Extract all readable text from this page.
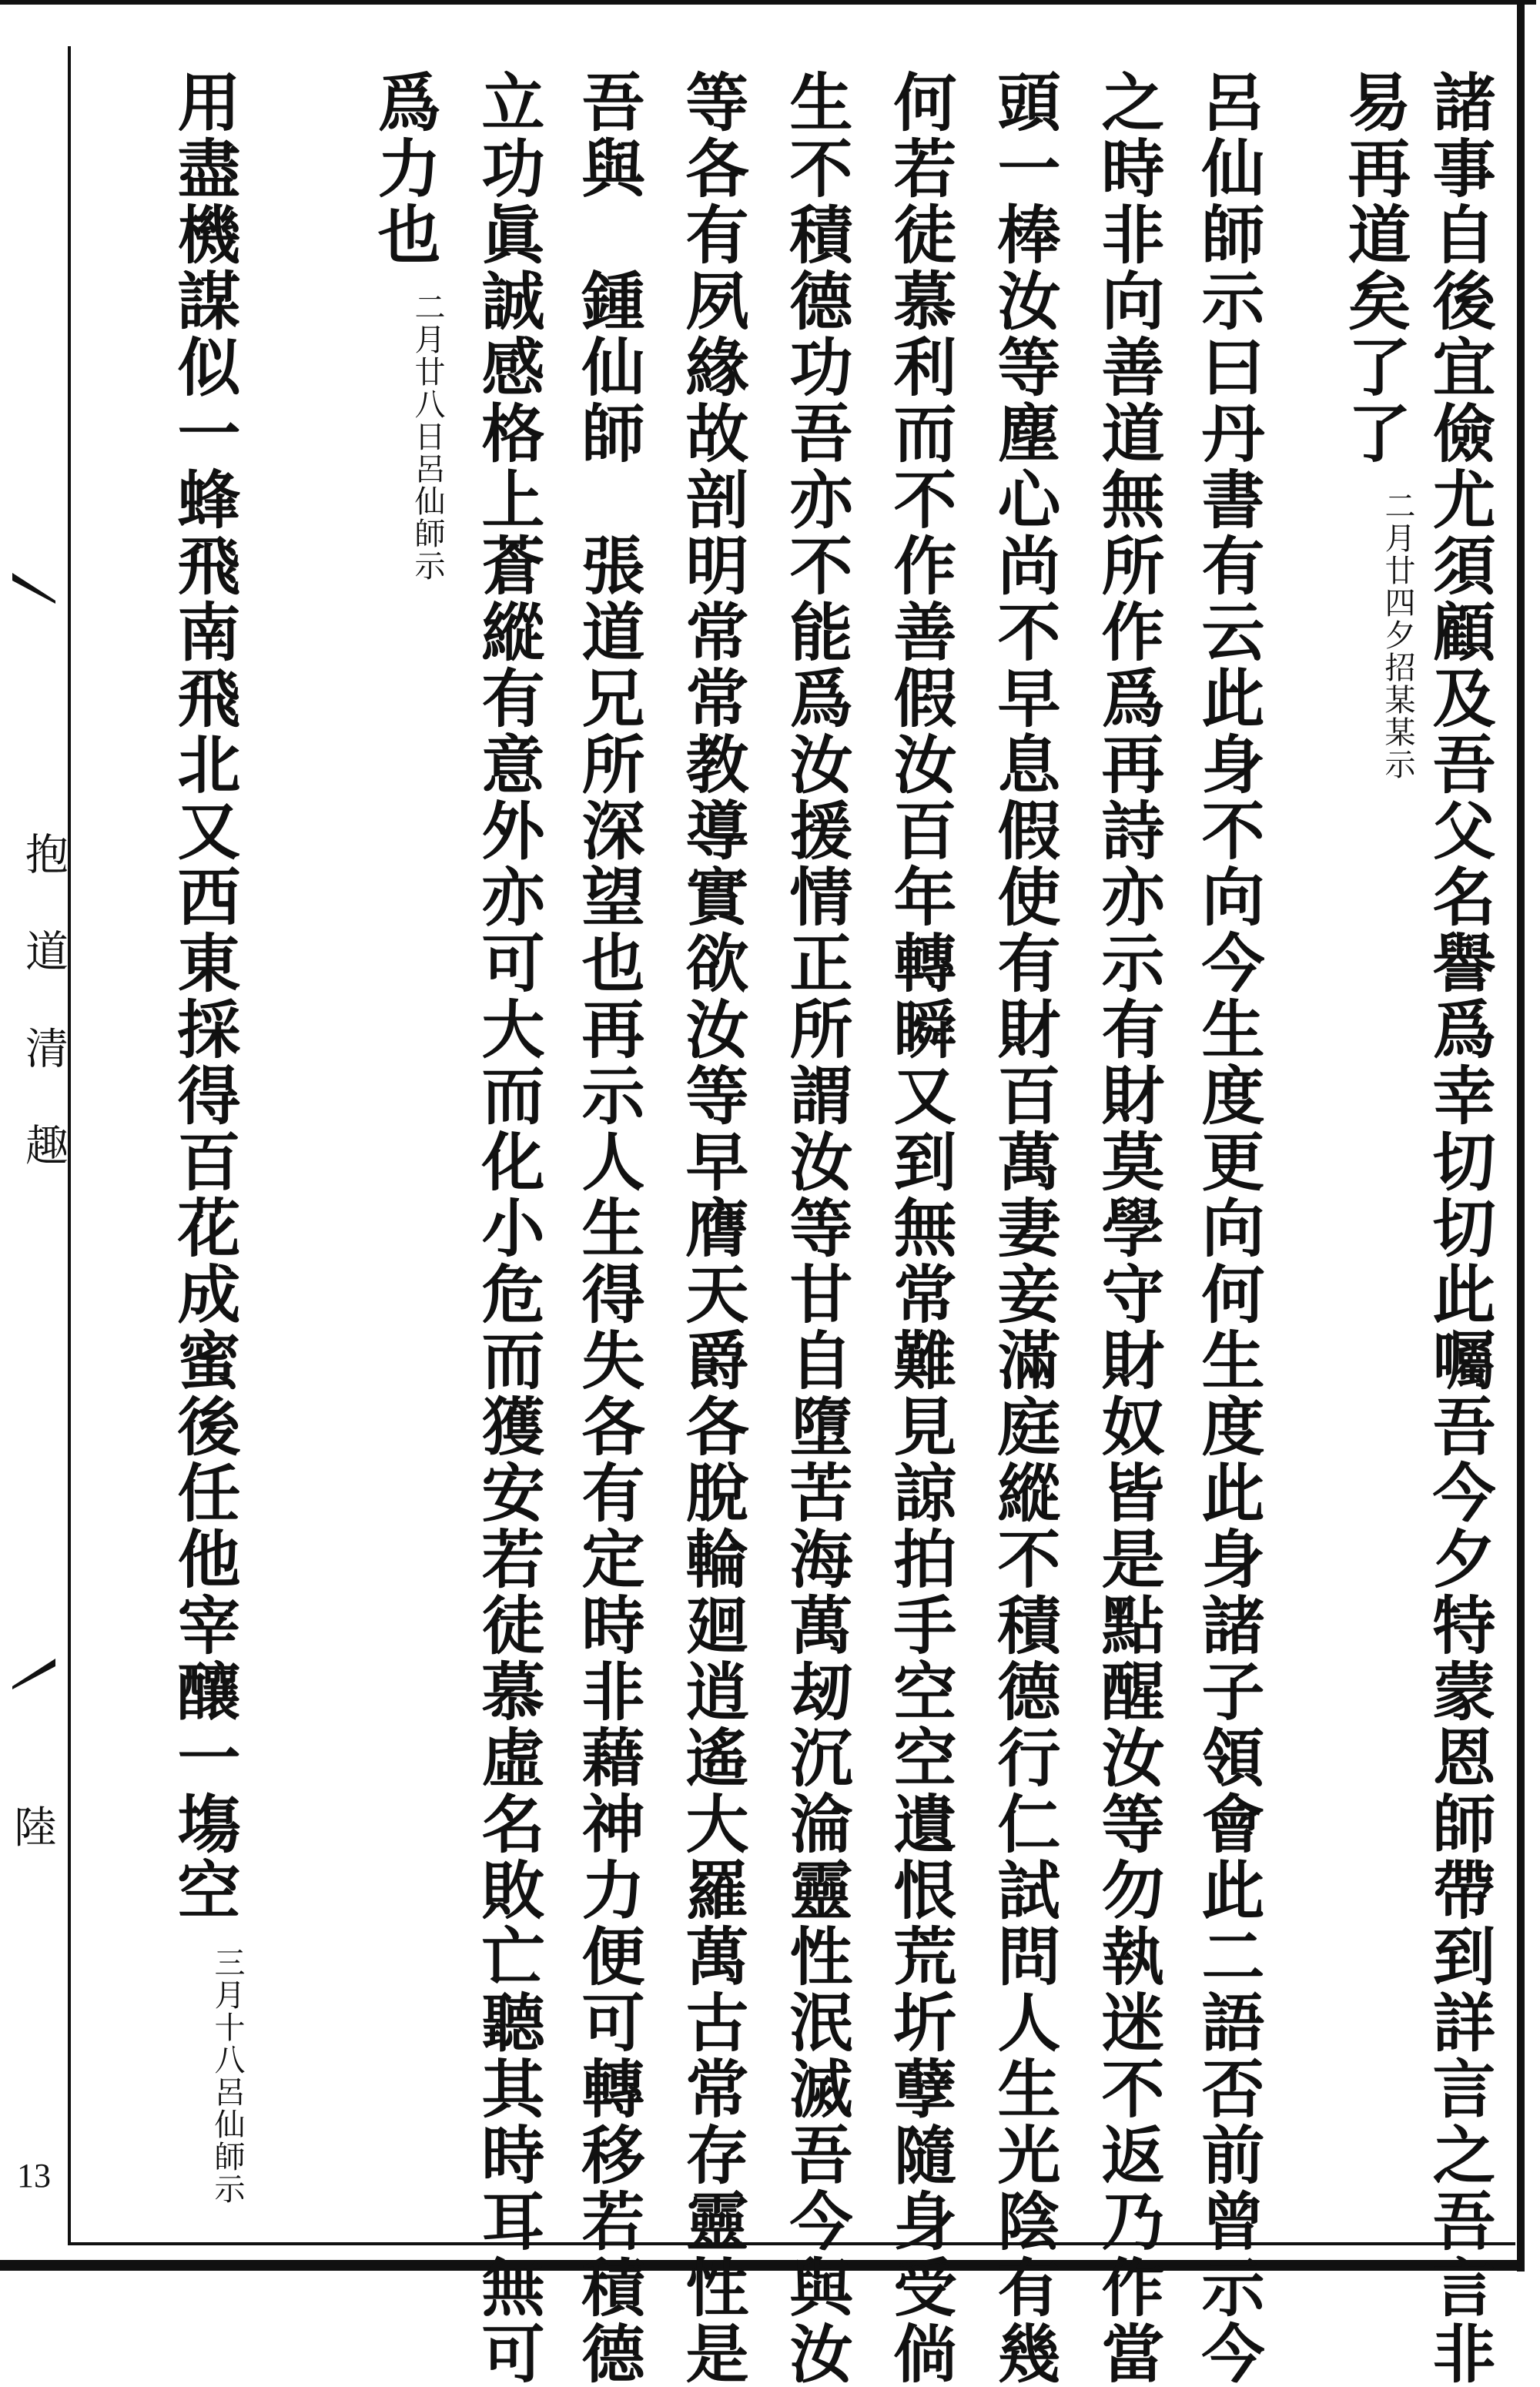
抱道清趣
陸
13	諸事自後宜儉尤須顧及吾父名譽爲幸切切此囑吾今夕特蒙恩師帶到詳言之吾言非
易再道矣了了二月廿四夕招某某示
呂仙師示曰丹書有云此身不向今生度更向何生度此身諸子領會此二語否前曾示今
之時非向善道無所作爲再詩亦示有財莫學守財奴皆是點醒汝等勿執迷不返乃作當
頭一棒汝等塵心尚不早息假使有財百萬妻妾滿庭縱不積德行仁試問人生光陰有幾
何若徒慕利而不作善假汝百年轉瞬又到無常難見諒拍手空空遺恨荒圻孽隨身受倘
生不積德功吾亦不能爲汝援情正所謂汝等甘自墮苦海萬刼沉淪靈性泯滅吾今與汝
等各有夙緣故剖明常常教導實欲汝等早膺天爵各脫輪廻逍遙大羅萬古常存靈性是
吾與　鍾仙師　張道兄所深望也再示人生得失各有定時非藉神力便可轉移若積德
立功眞誠感格上蒼縱有意外亦可大而化小危而獲安若徒慕虛名敗亡聽其時耳無可
爲力也二月廿八日呂仙師示
用盡機謀似一蜂飛南飛北又西東採得百花成蜜後任他宰釀一塲空三月十八呂仙師示
